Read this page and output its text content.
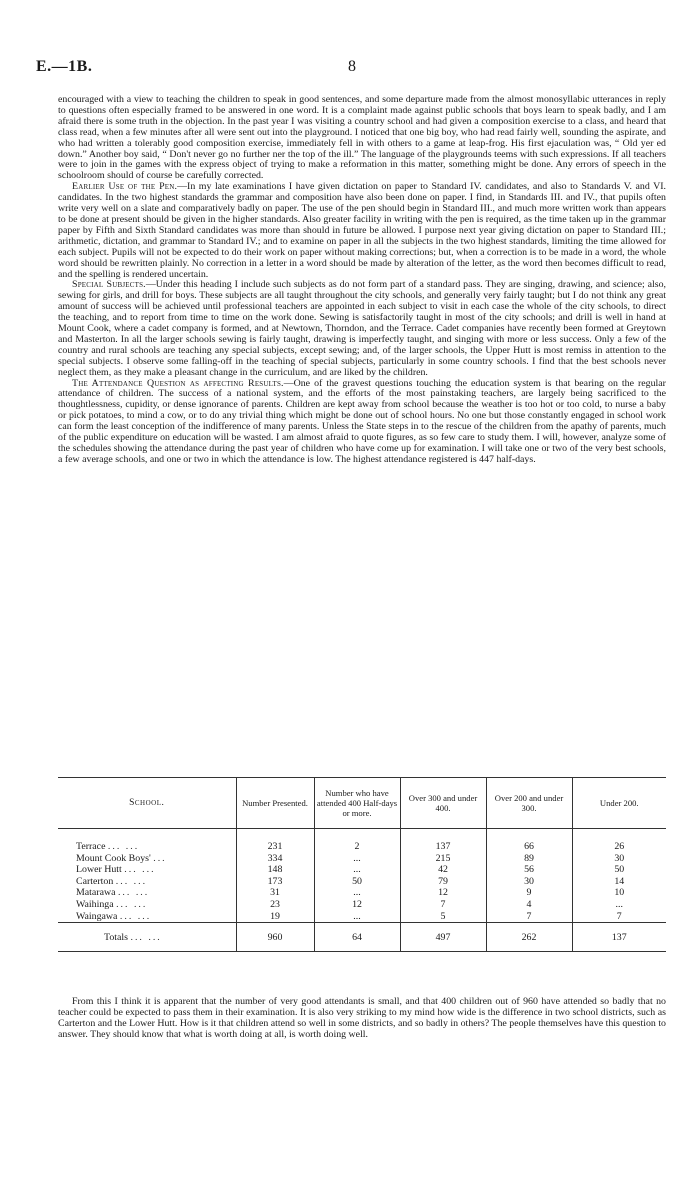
E.—1B.	8

encouraged with a view to teaching the children to speak in good sentences, and some departure made from the almost monosyllabic utterances in reply to questions often especially framed to be answered in one word. It is a complaint made against public schools that boys learn to speak badly, and I am afraid there is some truth in the objection. In the past year I was visiting a country school and had given a composition exercise to a class, and heard that class read, when a few minutes after all were sent out into the playground. I noticed that one big boy, who had read fairly well, sounding the aspirate, and who had written a tolerably good composition exercise, immediately fell in with others to a game at leap-frog. His first ejaculation was, “ Old yer ed down.” Another boy said, “ Don't never go no further ner the top of the ill.” The language of the playgrounds teems with such expressions. If all teachers were to join in the games with the express object of trying to make a reformation in this matter, something might be done. Any errors of speech in the schoolroom should of course be carefully corrected.

Earlier Use of the Pen.—In my late examinations I have given dictation on paper to Standard IV. candidates, and also to Standards V. and VI. candidates. In the two highest standards the grammar and composition have also been done on paper. I find, in Standards III. and IV., that pupils often write very well on a slate and comparatively badly on paper. The use of the pen should begin in Standard III., and much more written work than appears to be done at present should be given in the higher standards. Also greater facility in writing with the pen is required, as the time taken up in the grammar paper by Fifth and Sixth Standard candidates was more than should in future be allowed. I purpose next year giving dictation on paper to Standard III.; arithmetic, dictation, and grammar to Standard IV.; and to examine on paper in all the subjects in the two highest standards, limiting the time allowed for each subject. Pupils will not be expected to do their work on paper without making corrections; but, when a correction is to be made in a word, the whole word should be rewritten plainly. No correction in a letter in a word should be made by alteration of the letter, as the word then becomes difficult to read, and the spelling is rendered uncertain.

Special Subjects.—Under this heading I include such subjects as do not form part of a standard pass. They are singing, drawing, and science; also, sewing for girls, and drill for boys. These subjects are all taught throughout the city schools, and generally very fairly taught; but I do not think any great amount of success will be achieved until professional teachers are appointed in each subject to visit in each case the whole of the city schools, to direct the teaching, and to report from time to time on the work done. Sewing is satisfactorily taught in most of the city schools; and drill is well in hand at Mount Cook, where a cadet company is formed, and at Newtown, Thorndon, and the Terrace. Cadet companies have recently been formed at Greytown and Masterton. In all the larger schools sewing is fairly taught, drawing is imperfectly taught, and singing with more or less success. Only a few of the country and rural schools are teaching any special subjects, except sewing; and, of the larger schools, the Upper Hutt is most remiss in attention to the special subjects. I observe some falling-off in the teaching of special subjects, particularly in some country schools. I find that the best schools never neglect them, as they make a pleasant change in the curriculum, and are liked by the children.

The Attendance Question as affecting Results.—One of the gravest questions touching the education system is that bearing on the regular attendance of children. The success of a national system, and the efforts of the most painstaking teachers, are largely being sacrificed to the thoughtlessness, cupidity, or dense ignorance of parents. Children are kept away from school because the weather is too hot or too cold, to nurse a baby or pick potatoes, to mind a cow, or to do any trivial thing which might be done out of school hours. No one but those constantly engaged in school work can form the least conception of the indifference of many parents. Unless the State steps in to the rescue of the children from the apathy of parents, much of the public expenditure on education will be wasted. I am almost afraid to quote figures, as so few care to study them. I will, however, analyze some of the schedules showing the attendance during the past year of children who have come up for examination. I will take one or two of the very best schools, a few average schools, and one or two in which the attendance is low. The highest attendance registered is 447 half-days.

School.	Number Presented.	Number who have attended 400 Half-days or more.	Over 300 and under 400.	Over 200 and under 300.	Under 200.

Terrace ... ...	231	2	137	66	26
Mount Cook Boys' ...	334	...	215	89	30
Lower Hutt ... ...	148	...	42	56	50
Carterton ... ...	173	50	79	30	14
Matarawa ... ...	31	...	12	9	10
Waihinga ... ...	23	12	7	4	...
Waingawa ... ...	19	...	5	7	7
Totals ... ...	960	64	497	262	137

From this I think it is apparent that the number of very good attendants is small, and that 400 children out of 960 have attended so badly that no teacher could be expected to pass them in their examination. It is also very striking to my mind how wide is the difference in two school districts, such as Carterton and the Lower Hutt. How is it that children attend so well in some districts, and so badly in others? The people themselves have this question to answer. They should know that what is worth doing at all, is worth doing well.
